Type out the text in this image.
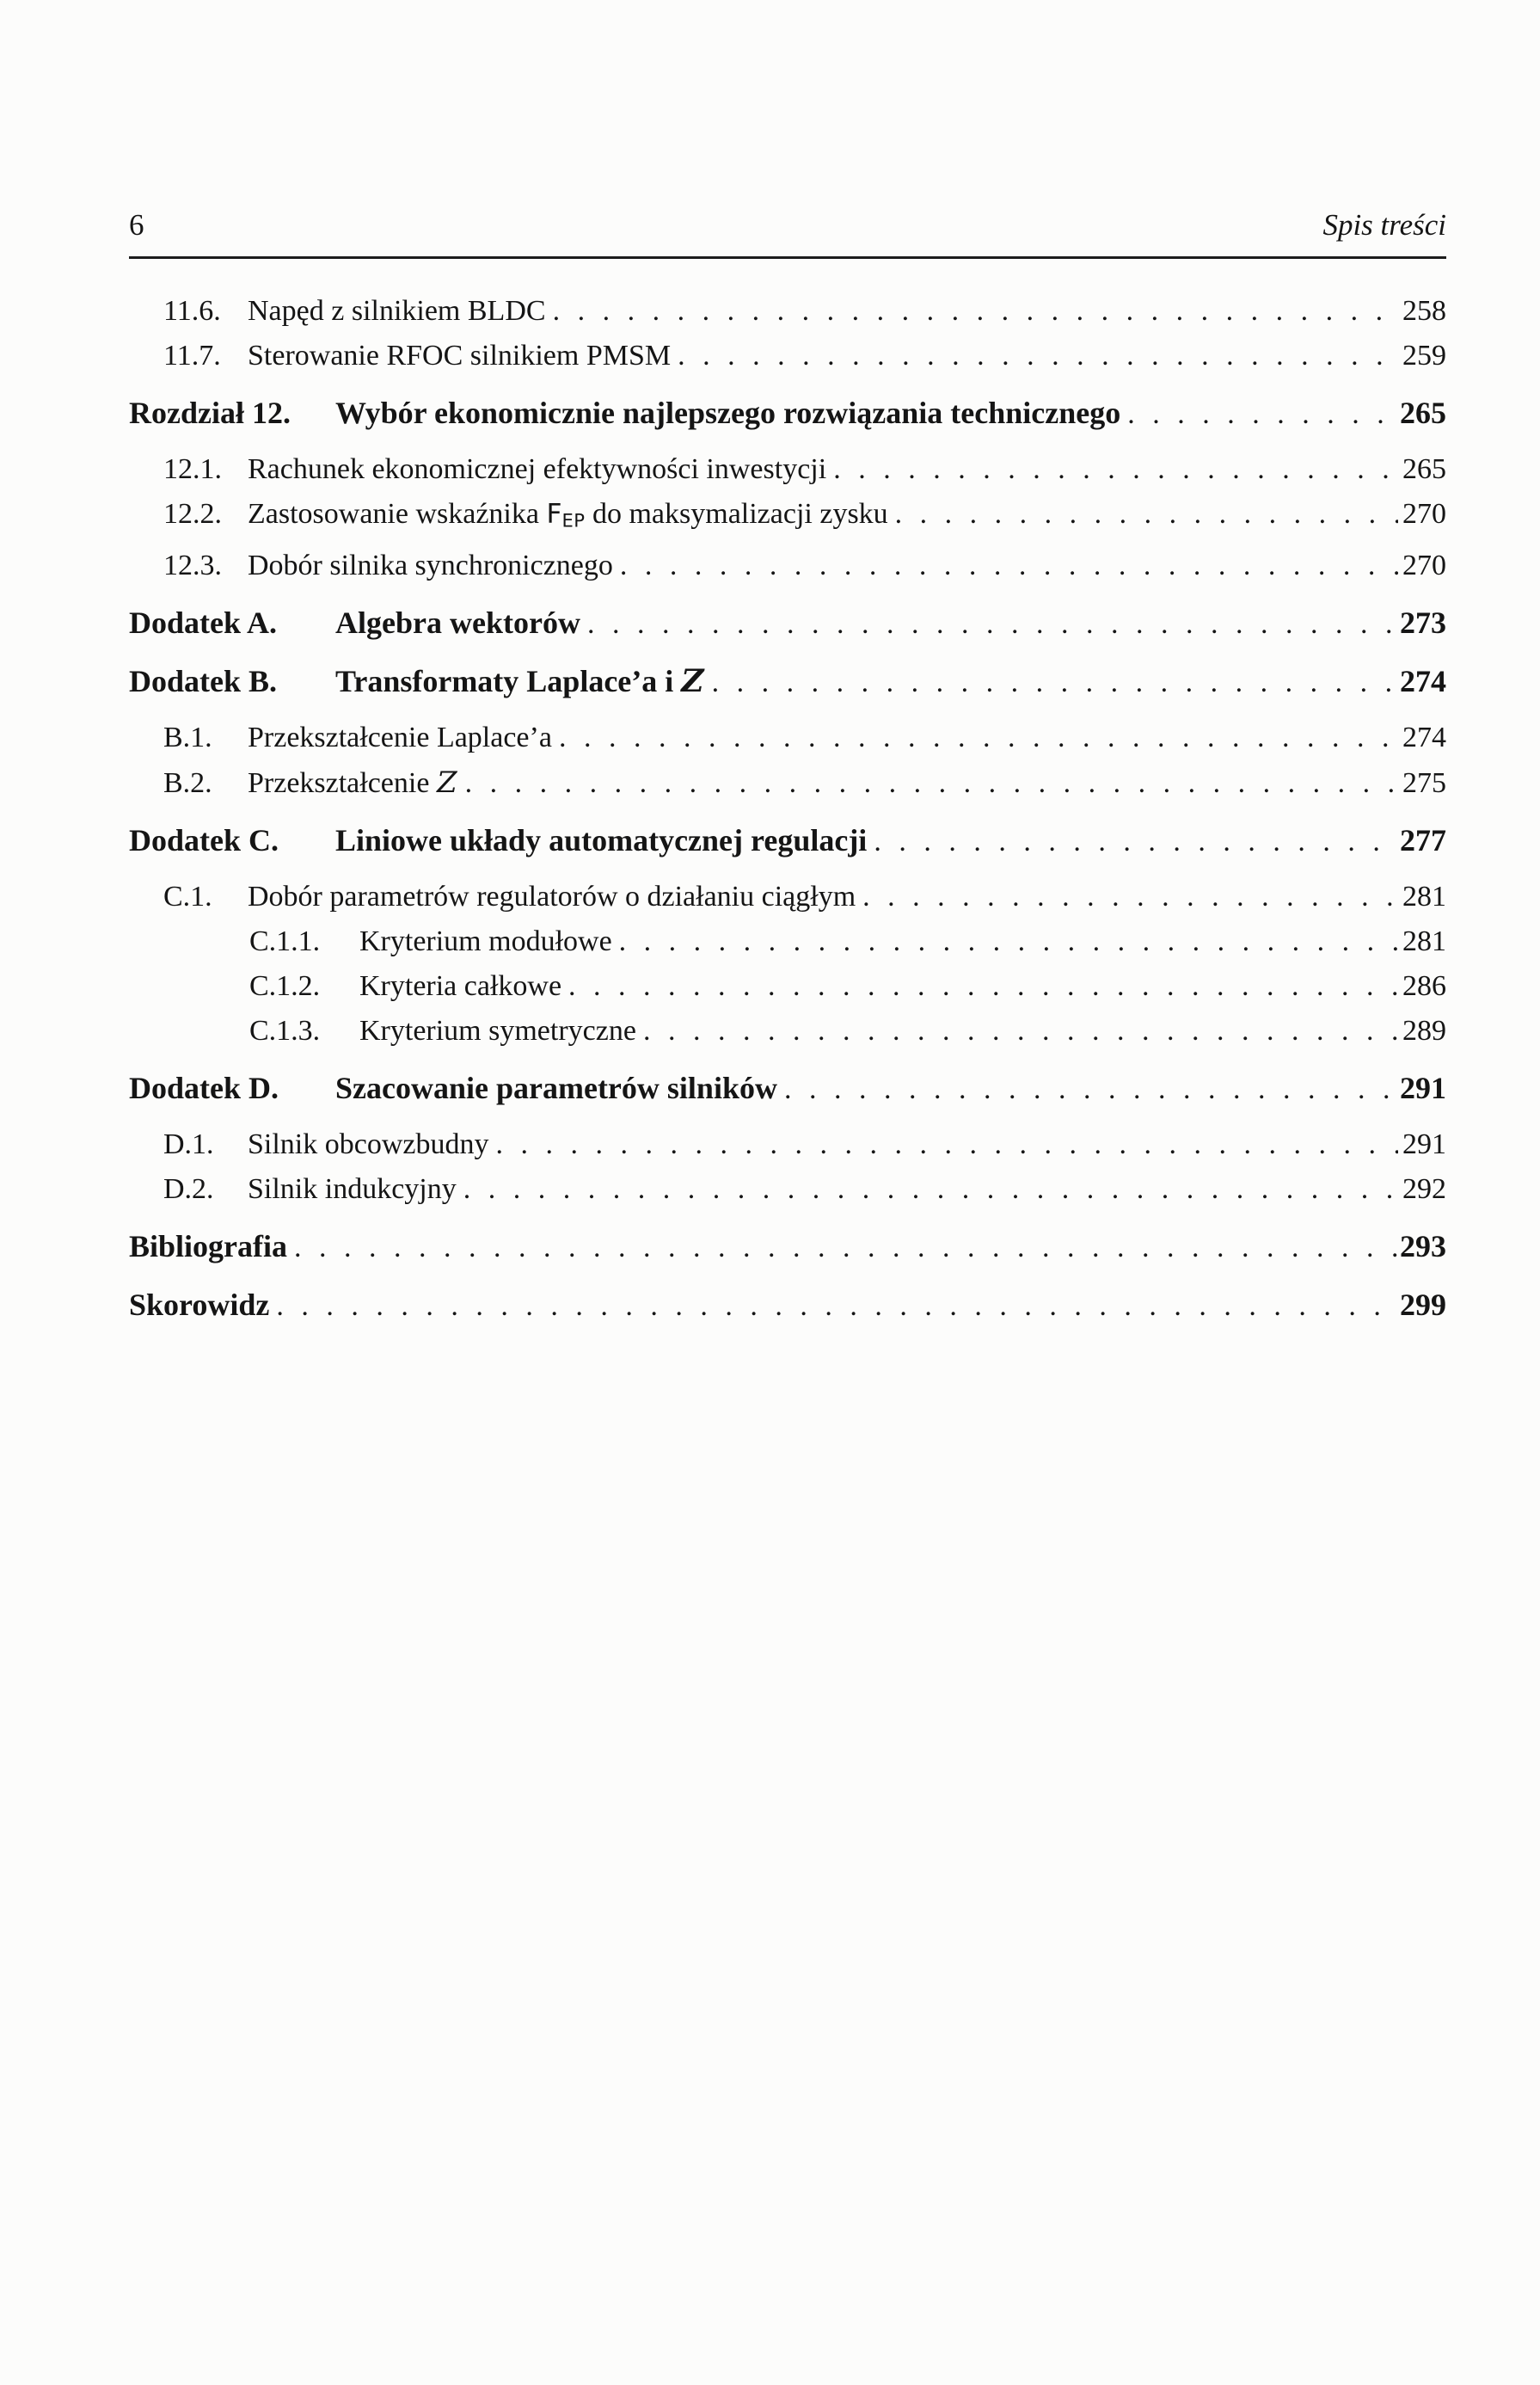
6	Spis treści
11.6. Napęd z silnikiem BLDC . . .	258
11.7. Sterowanie RFOC silnikiem PMSM . . .	259
Rozdział 12.	Wybór ekonomicznie najlepszego rozwiązania technicznego . . .	265
12.1. Rachunek ekonomicznej efektywności inwestycji . . .	265
12.2. Zastosowanie wskaźnika FEP do maksymalizacji zysku . . .	270
12.3. Dobór silnika synchronicznego . . .	270
Dodatek A.	Algebra wektorów . . .	273
Dodatek B.	Transformaty Laplace’a i Z . . .	274
B.1.	Przekształcenie Laplace’a . . .	274
B.2.	Przekształcenie Z . . .	275
Dodatek C.	Liniowe układy automatycznej regulacji . . .	277
C.1.	Dobór parametrów regulatorów o działaniu ciągłym . . .	281
C.1.1.	Kryterium modułowe . . .	281
C.1.2.	Kryteria całkowe . . .	286
C.1.3.	Kryterium symetryczne . . .	289
Dodatek D.	Szacowanie parametrów silników . . .	291
D.1.	Silnik obcowzbudny . . .	291
D.2.	Silnik indukcyjny . . .	292
Bibliografia . . .	293
Skorowidz . . .	299
